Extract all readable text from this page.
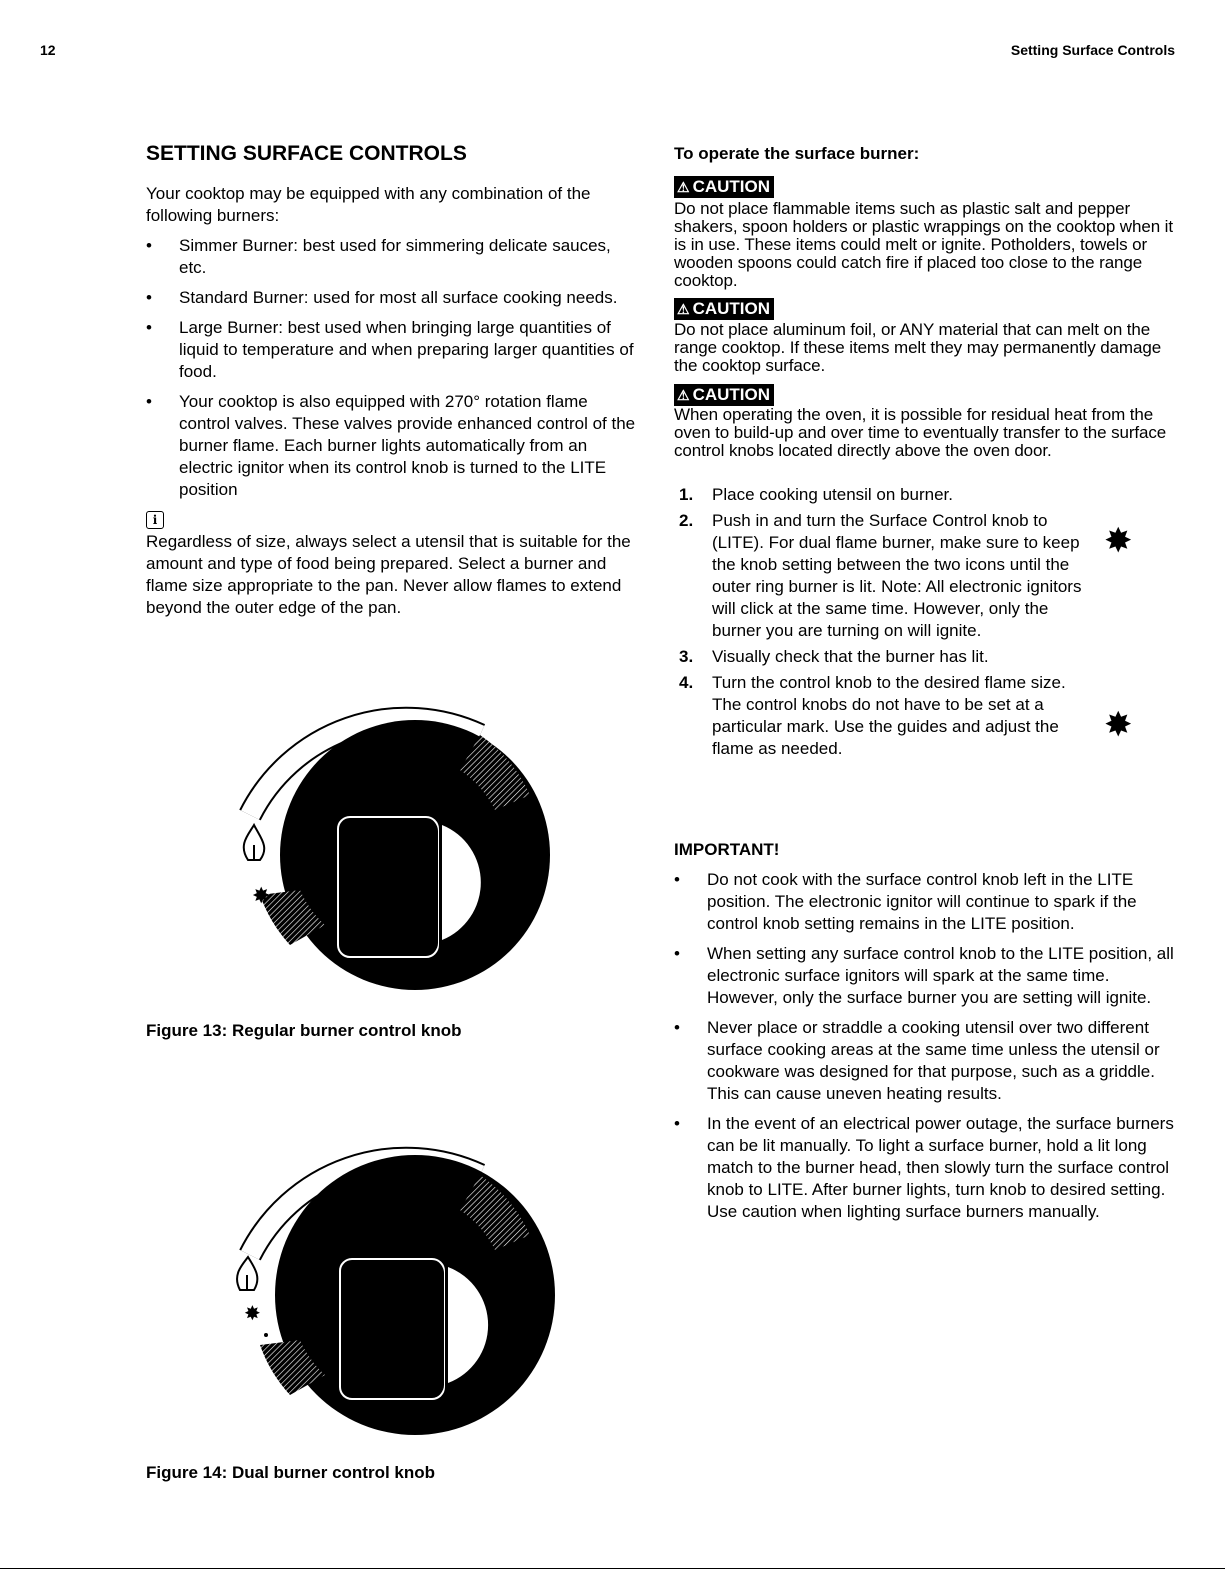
12	Setting Surface Controls
SETTING SURFACE CONTROLS
Your cooktop may be equipped with any combination of the following burners:
• Simmer Burner: best used for simmering delicate sauces, etc.
• Standard Burner: used for most all surface cooking needs.
• Large Burner: best used when bringing large quantities of liquid to temperature and when preparing larger quantities of food.
• Your cooktop is also equipped with 270° rotation flame control valves. These valves provide enhanced control of the burner flame. Each burner lights automatically from an electric ignitor when its control knob is turned to the LITE position
i
Regardless of size, always select a utensil that is suitable for the amount and type of food being prepared. Select a burner and flame size appropriate to the pan. Never allow flames to extend beyond the outer edge of the pan.
✸
Figure 13: Regular burner control knob
✸
Figure 14: Dual burner control knob
To operate the surface burner:
⚠ CAUTION
Do not place flammable items such as plastic salt and pepper shakers, spoon holders or plastic wrappings on the cooktop when it is in use. These items could melt or ignite. Potholders, towels or wooden spoons could catch fire if placed too close to the range cooktop.
⚠ CAUTION
Do not place aluminum foil, or ANY material that can melt on the range cooktop. If these items melt they may permanently damage the cooktop surface.
⚠ CAUTION
When operating the oven, it is possible for residual heat from the oven to build-up and over time to eventually transfer to the surface control knobs located directly above the oven door.
1. Place cooking utensil on burner.
2. Push in and turn the Surface Control knob to (LITE). For dual flame burner, make sure to keep the knob setting between the two icons until the outer ring burner is lit. Note: All electronic ignitors will click at the same time. However, only the burner you are turning on will ignite.
3. Visually check that the burner has lit.
4. Turn the control knob to the desired flame size. The control knobs do not have to be set at a particular mark. Use the guides and adjust the flame as needed.
✸
✸
IMPORTANT!
• Do not cook with the surface control knob left in the LITE position. The electronic ignitor will continue to spark if the control knob setting remains in the LITE position.
• When setting any surface control knob to the LITE position, all electronic surface ignitors will spark at the same time. However, only the surface burner you are setting will ignite.
• Never place or straddle a cooking utensil over two different surface cooking areas at the same time unless the utensil or cookware was designed for that purpose, such as a griddle. This can cause uneven heating results.
• In the event of an electrical power outage, the surface burners can be lit manually. To light a surface burner, hold a lit long match to the burner head, then slowly turn the surface control knob to LITE. After burner lights, turn knob to desired setting. Use caution when lighting surface burners manually.
